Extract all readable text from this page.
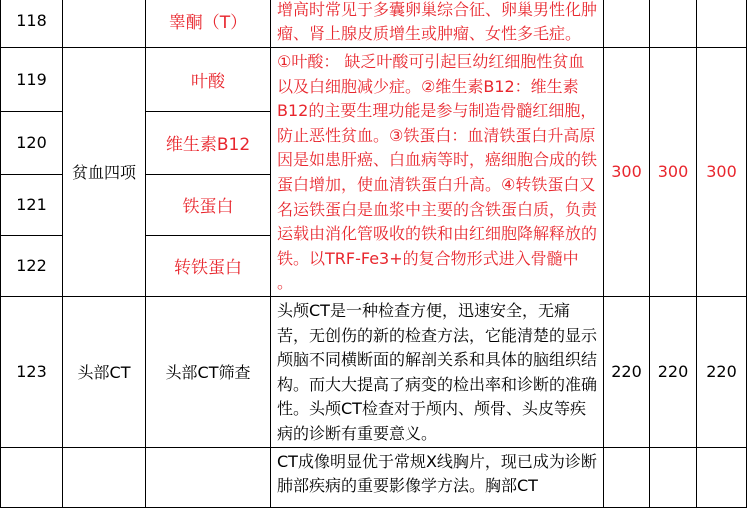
118		睾酮（T）	增高时常见于多囊卵巢综合征、卵巢男性化肿瘤、肾上腺皮质增生或肿瘤、女性多毛症。			

119	贫血四项	叶酸	①叶酸： 缺乏叶酸可引起巨幼红细胞性贫血以及白细胞减少症。②维生素B12：维生素B12的主要生理功能是参与制造骨髓红细胞，防止恶性贫血。③铁蛋白：血清铁蛋白升高原因是如患肝癌、白血病等时，癌细胞合成的铁蛋白增加，使血清铁蛋白升高。④转铁蛋白又名运铁蛋白是血浆中主要的含铁蛋白质，负责运载由消化管吸收的铁和由红细胞降解释放的铁。以TRF-Fe3+的复合物形式进入骨髓中 。	300	300	300
120		维生素B12				
121		铁蛋白				
122		转铁蛋白				
123	头部CT	头部CT筛查	头颅CT是一种检查方便，迅速安全，无痛苦，无创伤的新的检查方法，它能清楚的显示颅脑不同横断面的解剖关系和具体的脑组织结构。而大大提高了病变的检出率和诊断的准确性。头颅CT检查对于颅内、颅骨、头皮等疾病的诊断有重要意义。	220	220	220
			CT成像明显优于常规X线胸片，现已成为诊断肺部疾病的重要影像学方法。胸部CT			
